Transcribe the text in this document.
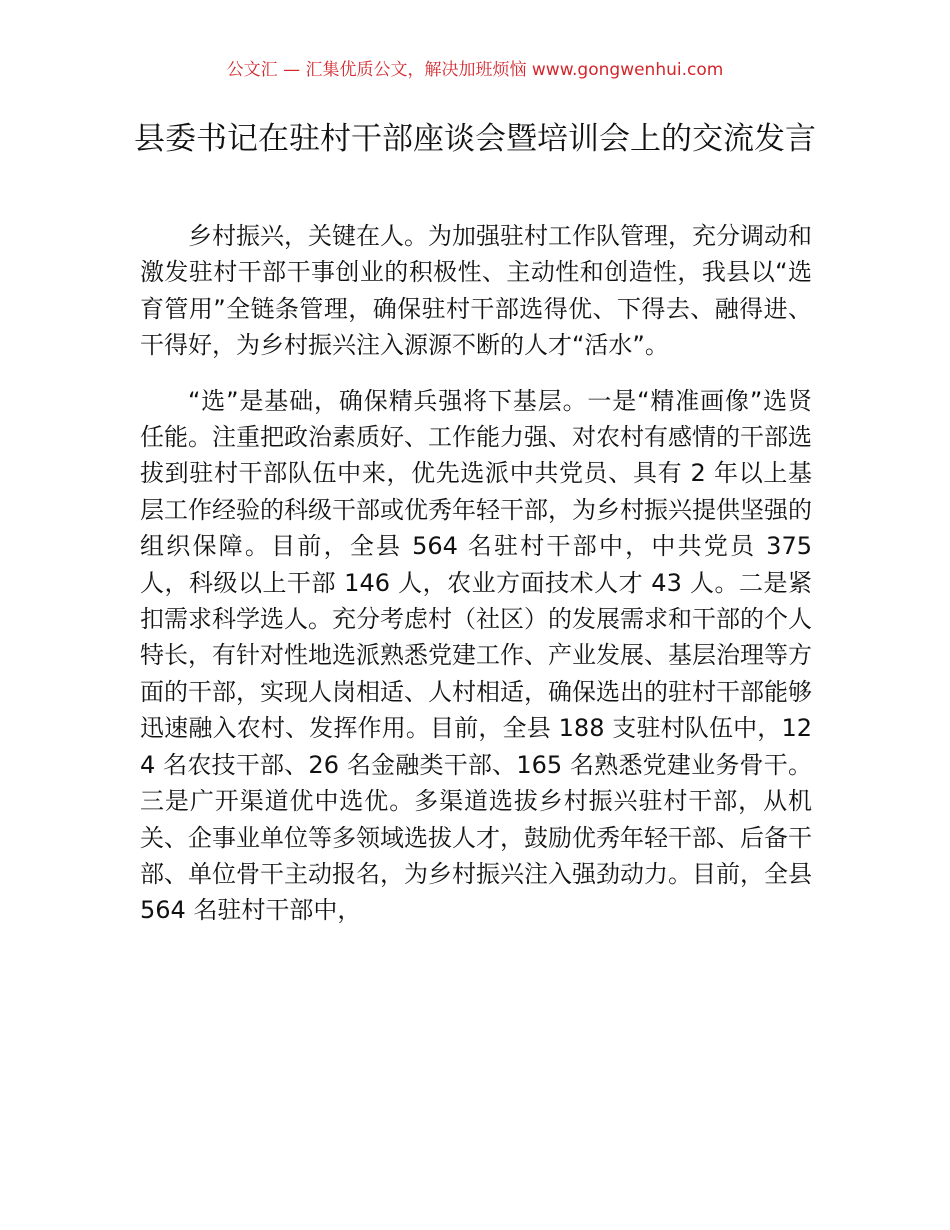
公文汇 — 汇集优质公文，解决加班烦恼 www.gongwenhui.com
县委书记在驻村干部座谈会暨培训会上的交流发言

乡村振兴，关键在人。为加强驻村工作队管理，充分调动和激发驻村干部干事创业的积极性、主动性和创造性，我县以“选育管用”全链条管理，确保驻村干部选得优、下得去、融得进、干得好，为乡村振兴注入源源不断的人才“活水”。

“选”是基础，确保精兵强将下基层。一是“精准画像”选贤任能。注重把政治素质好、工作能力强、对农村有感情的干部选拔到驻村干部队伍中来，优先选派中共党员、具有 2 年以上基层工作经验的科级干部或优秀年轻干部，为乡村振兴提供坚强的组织保障。目前，全县 564 名驻村干部中，中共党员 375 人，科级以上干部 146 人，农业方面技术人才 43 人。二是紧扣需求科学选人。充分考虑村（社区）的发展需求和干部的个人特长，有针对性地选派熟悉党建工作、产业发展、基层治理等方面的干部，实现人岗相适、人村相适，确保选出的驻村干部能够迅速融入农村、发挥作用。目前，全县 188 支驻村队伍中，124 名农技干部、26 名金融类干部、165 名熟悉党建业务骨干。三是广开渠道优中选优。多渠道选拔乡村振兴驻村干部，从机关、企事业单位等多领域选拔人才，鼓励优秀年轻干部、后备干部、单位骨干主动报名，为乡村振兴注入强劲动力。目前，全县 564 名驻村干部中，
